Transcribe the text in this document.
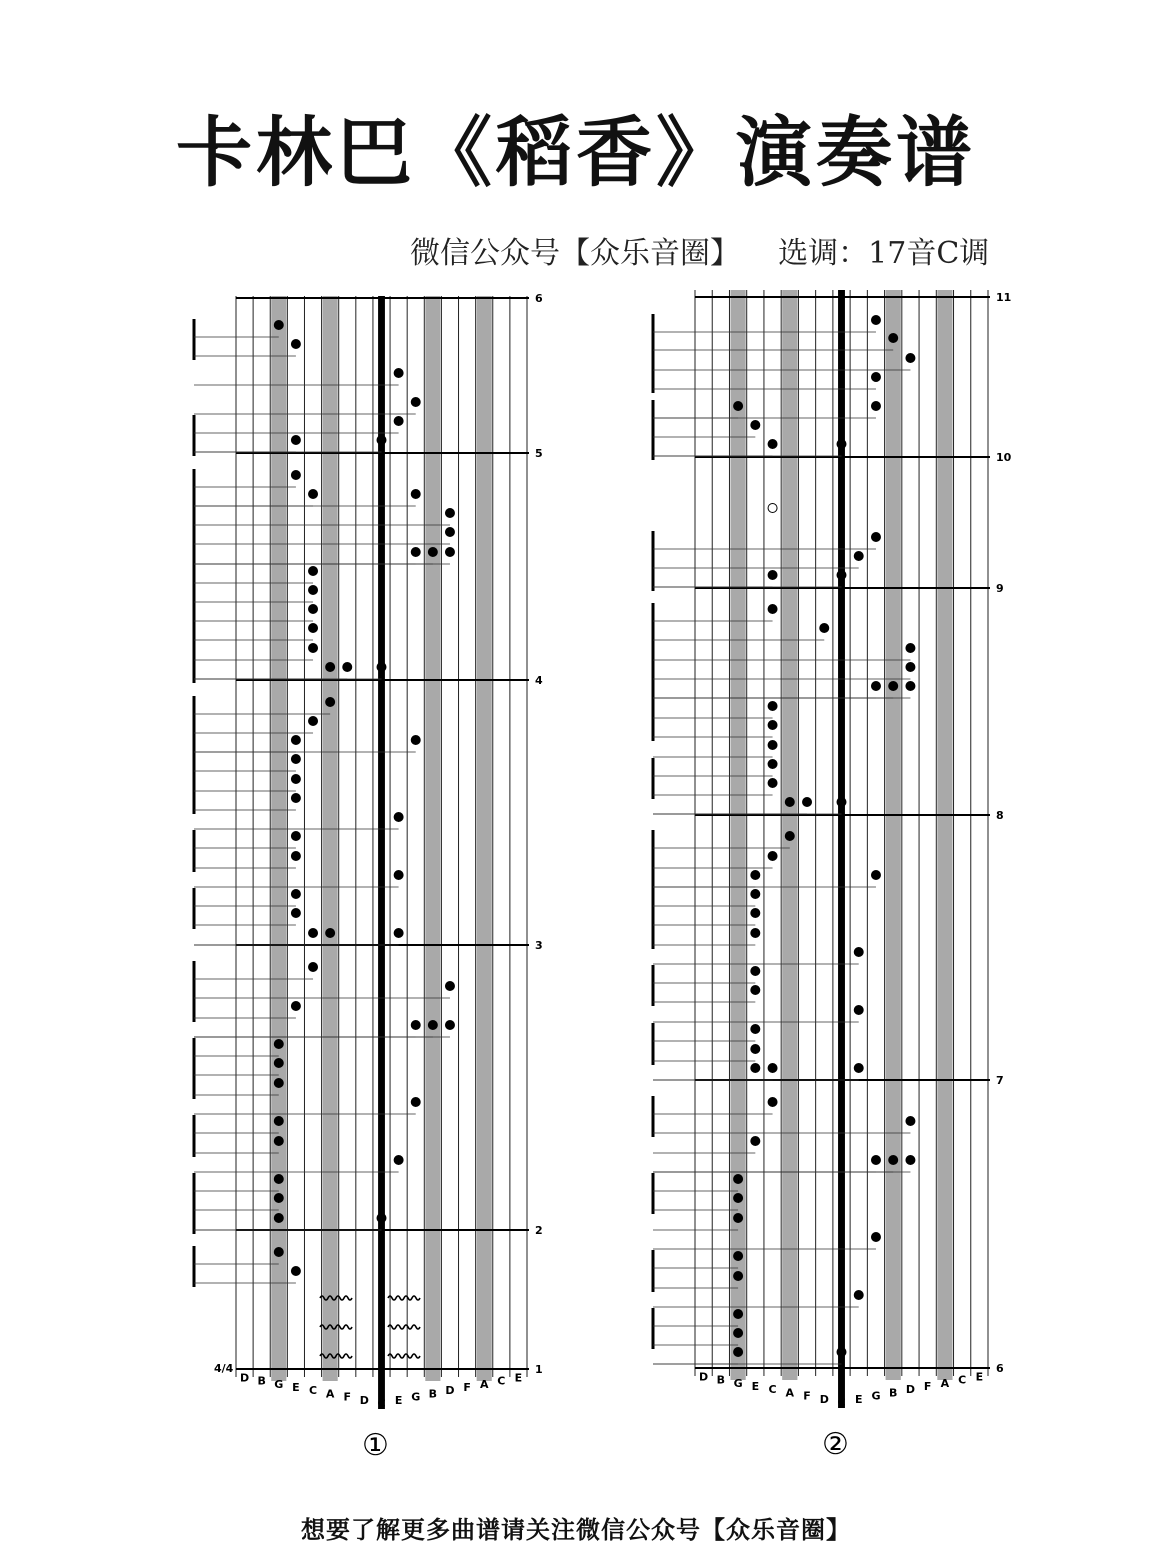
卡林巴《稻香》演奏谱
微信公众号【众乐音圈】    选调：17音C调
1
2
3
4
5
6
D B G E C A F D C E G B D F A C E
①
6
7
8
9
10
11
D B G E C A F D C E G B D F A C E
②
4/4
想要了解更多曲谱请关注微信公众号【众乐音圈】
